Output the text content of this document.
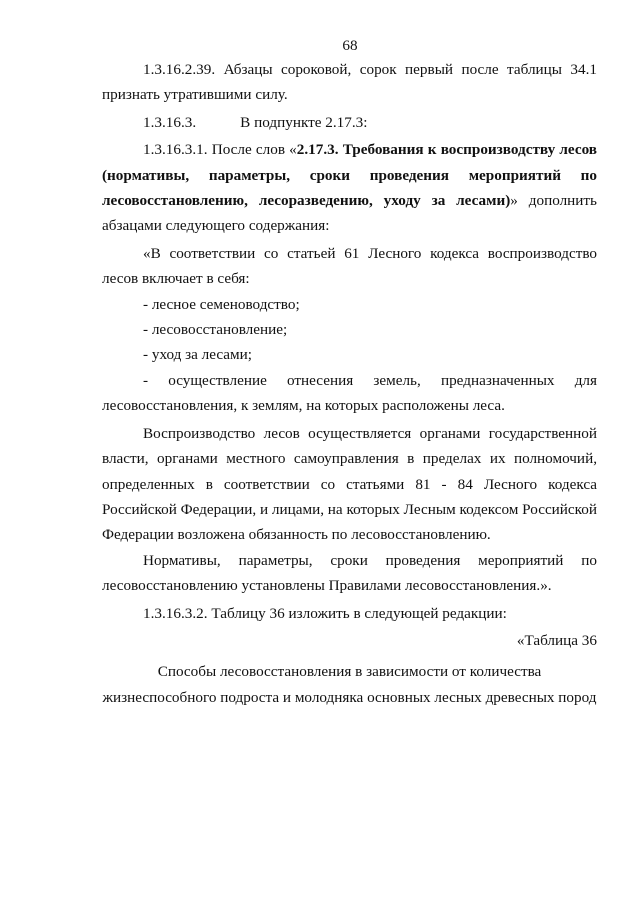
68

1.3.16.2.39. Абзацы сороковой, сорок первый после таблицы 34.1 признать утратившими силу.

1.3.16.3.	В подпункте 2.17.3:

1.3.16.3.1. После слов «2.17.3. Требования к воспроизводству лесов (нормативы, параметры, сроки проведения мероприятий по лесовосстановлению, лесоразведению, уходу за лесами)» дополнить абзацами следующего содержания:

«В соответствии со статьей 61 Лесного кодекса воспроизводство лесов включает в себя:

- лесное семеноводство;

- лесовосстановление;

- уход за лесами;

- осуществление отнесения земель, предназначенных для лесовосстановления, к землям, на которых расположены леса.

Воспроизводство лесов осуществляется органами государственной власти, органами местного самоуправления в пределах их полномочий, определенных в соответствии со статьями 81 - 84 Лесного кодекса Российской Федерации, и лицами, на которых Лесным кодексом Российской Федерации возложена обязанность по лесовосстановлению.

Нормативы, параметры, сроки проведения мероприятий по лесовосстановлению установлены Правилами лесовосстановления.».

1.3.16.3.2. Таблицу 36 изложить в следующей редакции:

«Таблица 36

Способы лесовосстановления в зависимости от количества

жизнеспособного подроста и молодняка основных лесных древесных пород
